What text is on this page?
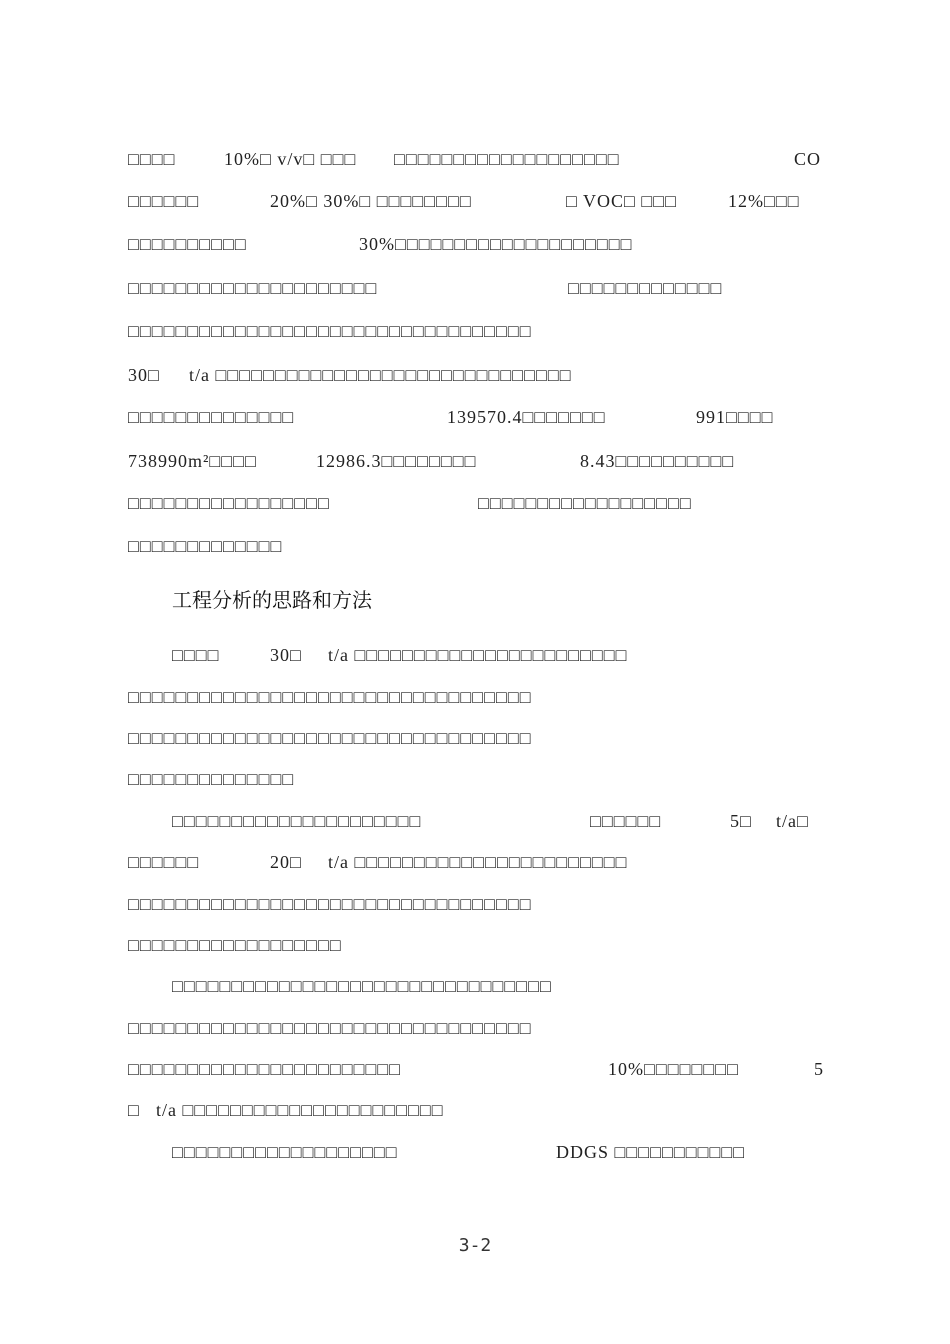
□□□□

	10%□ v/v□ □□□

□□□□□□□□□□□□□□□□□□□

	CO

□□□□□□

	20%□ 30%□ □□□□□□□□

	□ VOC□ □□□

	12%□□□

□□□□□□□□□□

	30%□□□□□□□□□□□□□□□□□□□□

□□□□□□□□□□□□□□□□□□□□□

	□□□□□□□□□□□□□

□□□□□□□□□□□□□□□□□□□□□□□□□□□□□□□□□□

30□

t/a □□□□□□□□□□□□□□□□□□□□□□□□□□□□□□

□□□□□□□□□□□□□□

	139570.4□□□□□□□

	991□□□□

738990m²□□□□

	12986.3□□□□□□□□

	8.43□□□□□□□□□□

□□□□□□□□□□□□□□□□□

	□□□□□□□□□□□□□□□□□□

□□□□□□□□□□□□□

工程分析的思路和方法

□□□□

	30□

t/a □□□□□□□□□□□□□□□□□□□□□□□

□□□□□□□□□□□□□□□□□□□□□□□□□□□□□□□□□□

□□□□□□□□□□□□□□□□□□□□□□□□□□□□□□□□□□

□□□□□□□□□□□□□□

□□□□□□□□□□□□□□□□□□□□□

	□□□□□□

	5□

t/a□

□□□□□□

	20□

t/a □□□□□□□□□□□□□□□□□□□□□□□

□□□□□□□□□□□□□□□□□□□□□□□□□□□□□□□□□□

□□□□□□□□□□□□□□□□□□

□□□□□□□□□□□□□□□□□□□□□□□□□□□□□□□□

□□□□□□□□□□□□□□□□□□□□□□□□□□□□□□□□□□

□□□□□□□□□□□□□□□□□□□□□□□

	10%□□□□□□□□

	5

□

t/a □□□□□□□□□□□□□□□□□□□□□□

□□□□□□□□□□□□□□□□□□□

	DDGS □□□□□□□□□□□

3-2
